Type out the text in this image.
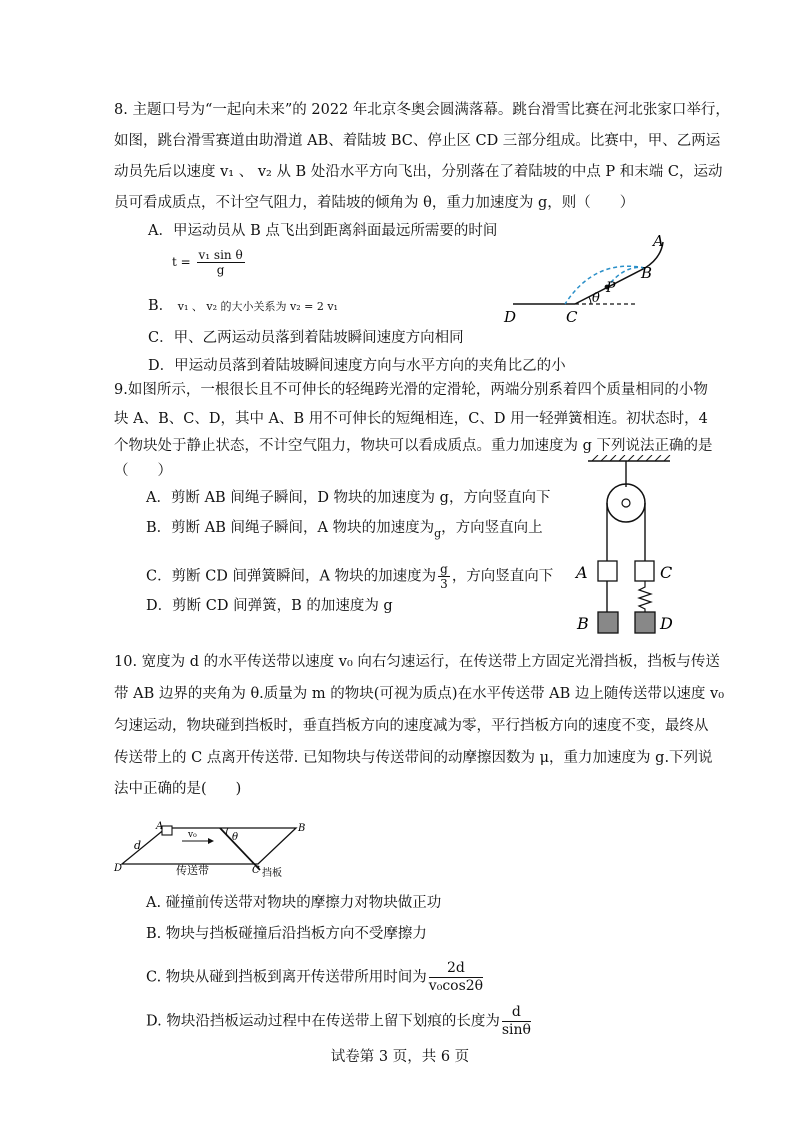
8. 主题口号为“一起向未来”的 2022 年北京冬奥会圆满落幕。跳台滑雪比赛在河北张家口举行，
如图，跳台滑雪赛道由助滑道 AB、着陆坡 BC、停止区 CD 三部分组成。比赛中，甲、乙两运
动员先后以速度 v₁ 、 v₂ 从 B 处沿水平方向飞出，分别落在了着陆坡的中点 P 和末端 C，运动
员可看成质点，不计空气阻力，着陆坡的倾角为 θ，重力加速度为 g，则（　　）
A．甲运动员从 B 点飞出到距离斜面最远所需要的时间
$t = \frac{\text{v₁ sin θ}}{g}$
B． v₁ 、 v₂ 的大小关系为 v₂ = 2 v₁
C．甲、乙两运动员落到着陆坡瞬间速度方向相同
D．甲运动员落到着陆坡瞬间速度方向与水平方向的夹角比乙的小
A
B
P
θ
C
D
9.如图所示，一根很长且不可伸长的轻绳跨光滑的定滑轮，两端分别系着四个质量相同的小物
块 A、B、C、D，其中 A、B 用不可伸长的短绳相连，C、D 用一轻弹簧相连。初状态时，4
个物块处于静止状态，不计空气阻力，物块可以看成质点。重力加速度为 g 下列说法正确的是
（　　）
A．剪断 AB 间绳子瞬间，D 物块的加速度为 g，方向竖直向下
B．剪断 AB 间绳子瞬间，A 物块的加速度为$_g$，方向竖直向上
C．剪断 CD 间弹簧瞬间，A 物块的加速度为 $\frac{g}{3}$ ，方向竖直向下
D．剪断 CD 间弹簧，B 的加速度为 g
A	C
B	D
10. 宽度为 d 的水平传送带以速度 v₀ 向右匀速运行，在传送带上方固定光滑挡板，挡板与传送
带 AB 边界的夹角为 θ.质量为 m 的物块(可视为质点)在水平传送带 AB 边上随传送带以速度 v₀
匀速运动，物块碰到挡板时，垂直挡板方向的速度减为零，平行挡板方向的速度不变，最终从
传送带上的 C 点离开传送带. 已知物块与传送带间的动摩擦因数为 μ，重力加速度为 g.下列说
法中正确的是(　　)
A	B
C
D
d
v₀	θ
传送带	挡板
A. 碰撞前传送带对物块的摩擦力对物块做正功
B. 物块与挡板碰撞后沿挡板方向不受摩擦力
C. 物块从碰到挡板到离开传送带所用时间为 $\frac{2d}{\text{v₀cos2θ}}$
D. 物块沿挡板运动过程中在传送带上留下划痕的长度为 $\frac{d}{\sin\theta}$
试卷第 3 页，共 6 页
